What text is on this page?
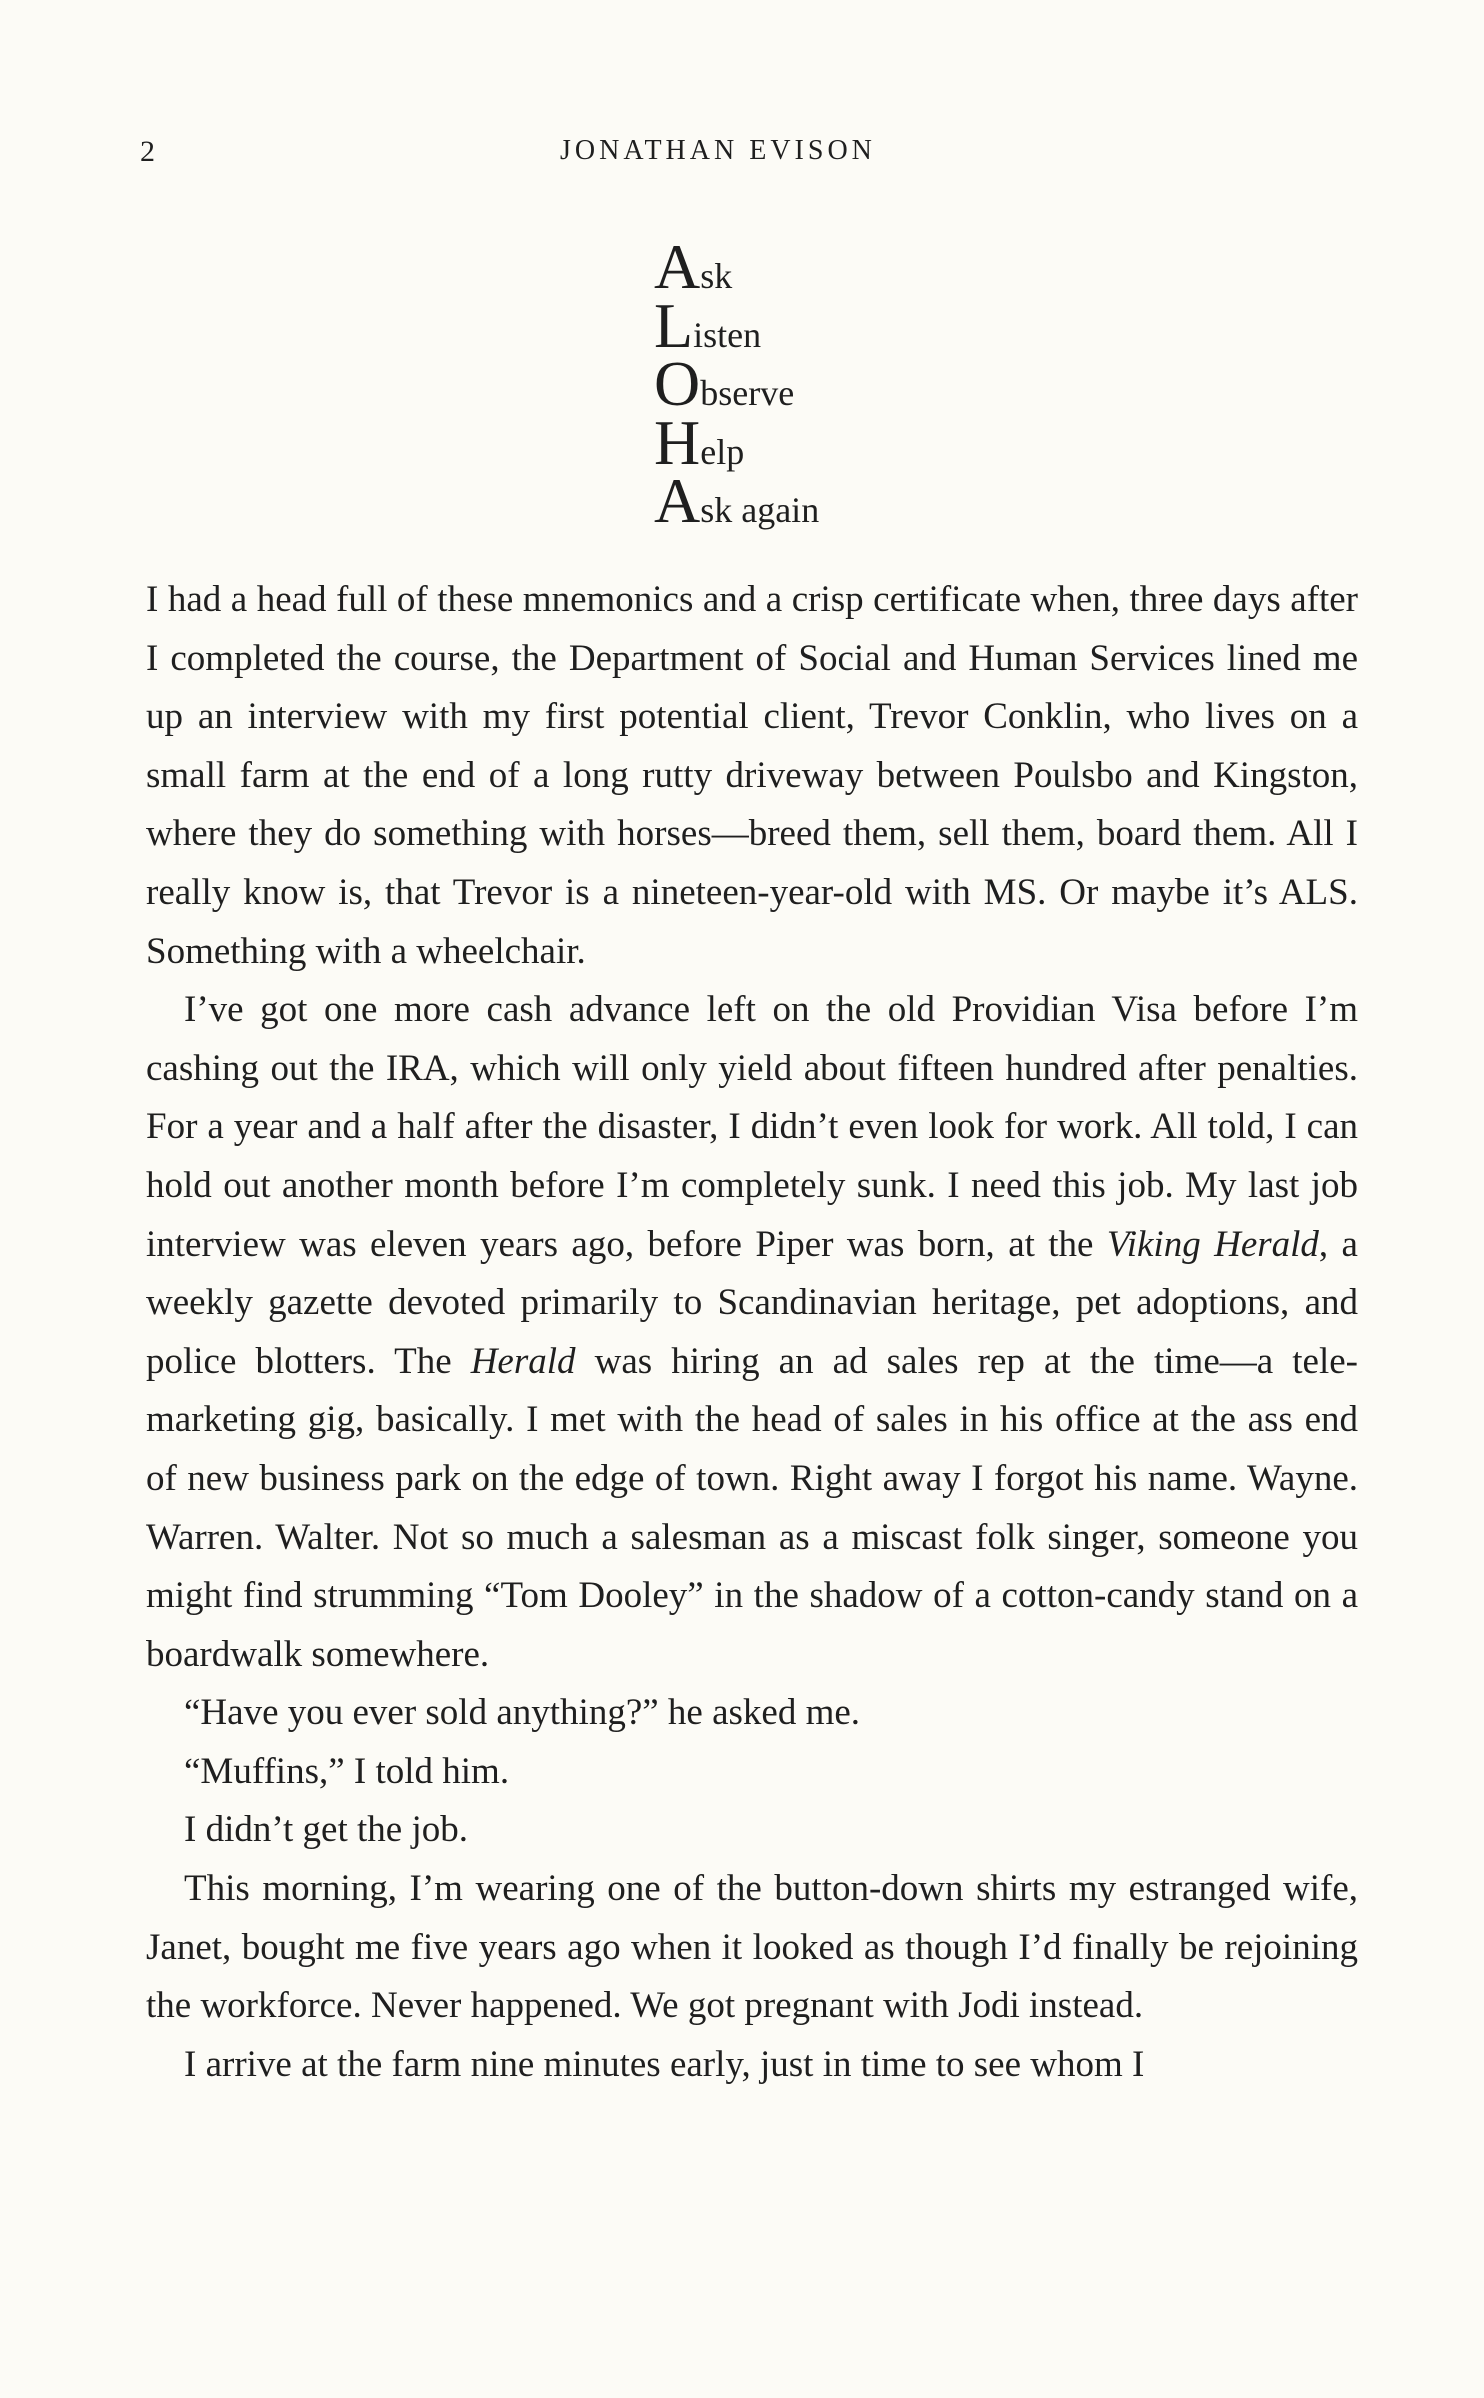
2	JONATHAN EVISON
Ask
Listen
Observe
Help
Ask again

I had a head full of these mnemonics and a crisp certificate when, three days after I completed the course, the Department of Social and Human Services lined me up an interview with my first potential client, Trevor Conklin, who lives on a small farm at the end of a long rutty driveway between Poulsbo and Kingston, where they do something with horses—breed them, sell them, board them. All I really know is, that Trevor is a nineteen-year-old with MS. Or maybe it’s ALS. Something with a wheelchair.

I’ve got one more cash advance left on the old Providian Visa before I’m cashing out the IRA, which will only yield about fifteen hundred after penalties. For a year and a half after the disaster, I didn’t even look for work. All told, I can hold out another month before I’m completely sunk. I need this job. My last job interview was eleven years ago, before Piper was born, at the Viking Herald, a weekly gazette devoted primarily to Scandinavian heritage, pet adoptions, and police blotters. The Herald was hiring an ad sales rep at the time—a telemarketing gig, basically. I met with the head of sales in his office at the ass end of new business park on the edge of town. Right away I forgot his name. Wayne. Warren. Walter. Not so much a salesman as a miscast folk singer, someone you might find strumming “Tom Dooley” in the shadow of a cotton-candy stand on a boardwalk somewhere.

“Have you ever sold anything?” he asked me.

“Muffins,” I told him.

I didn’t get the job.

This morning, I’m wearing one of the button-down shirts my estranged wife, Janet, bought me five years ago when it looked as though I’d finally be rejoining the workforce. Never happened. We got pregnant with Jodi instead.

I arrive at the farm nine minutes early, just in time to see whom I
